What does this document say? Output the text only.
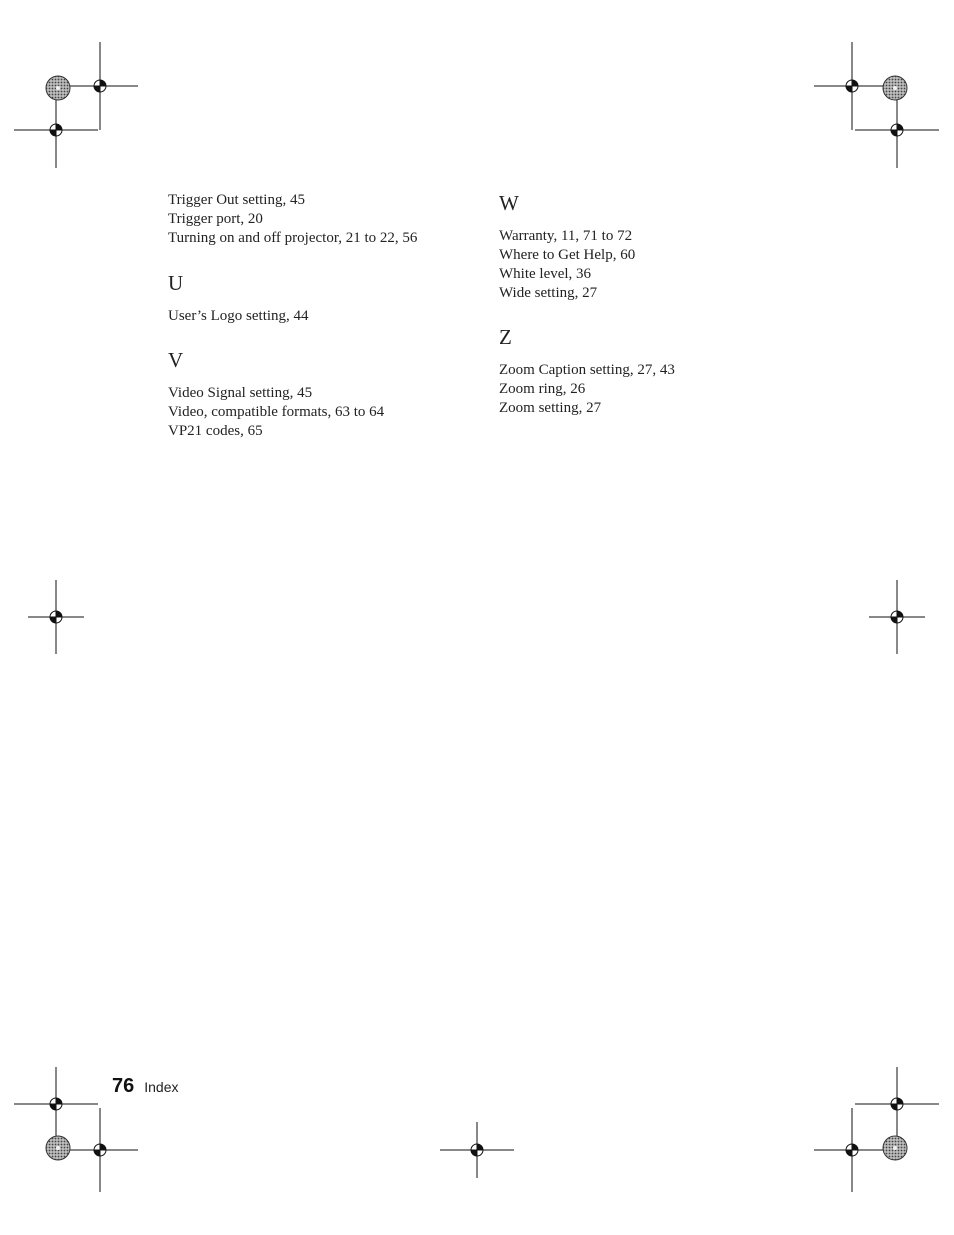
Trigger Out setting, 45
Trigger port, 20
Turning on and off projector, 21 to 22, 56
U
User’s Logo setting, 44
V
Video Signal setting, 45
Video, compatible formats, 63 to 64
VP21 codes, 65
W
Warranty, 11, 71 to 72
Where to Get Help, 60
White level, 36
Wide setting, 27
Z
Zoom Caption setting, 27, 43
Zoom ring, 26
Zoom setting, 27
76 Index
